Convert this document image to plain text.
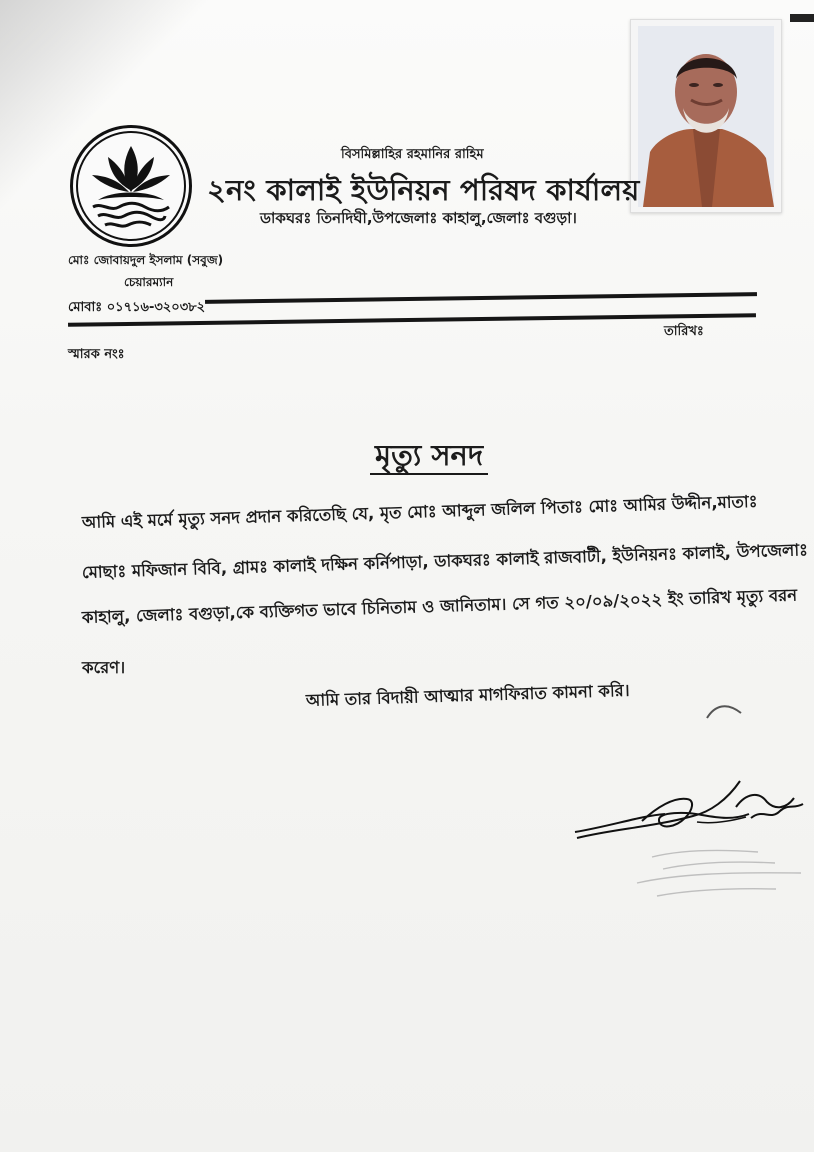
বিসমিল্লাহির রহমানির রাহিম
২নং কালাই ইউনিয়ন পরিষদ কার্যালয়
ডাকঘরঃ তিনদিঘী,উপজেলাঃ কাহালু,জেলাঃ বগুড়া।
মোঃ জোবায়দুল ইসলাম (সবুজ)
চেয়ারম্যান
মোবাঃ ০১৭১৬-৩২০৩৮২
তারিখঃ
স্মারক নংঃ
মৃত্যু সনদ
আমি এই মর্মে মৃত্যু সনদ প্রদান করিতেছি যে, মৃত মোঃ আব্দুল জলিল পিতাঃ মোঃ আমির উদ্দীন,মাতাঃ
মোছাঃ মফিজান বিবি, গ্রামঃ কালাই দক্ষিন কর্নিপাড়া, ডাকঘরঃ কালাই রাজবাটী, ইউনিয়নঃ কালাই, উপজেলাঃ
কাহালু, জেলাঃ বগুড়া,কে ব্যক্তিগত ভাবে চিনিতাম ও জানিতাম। সে গত ২০/০৯/২০২২ ইং তারিখ মৃত্যু বরন
করেণ।
আমি তার বিদায়ী আত্মার মাগফিরাত কামনা করি।
